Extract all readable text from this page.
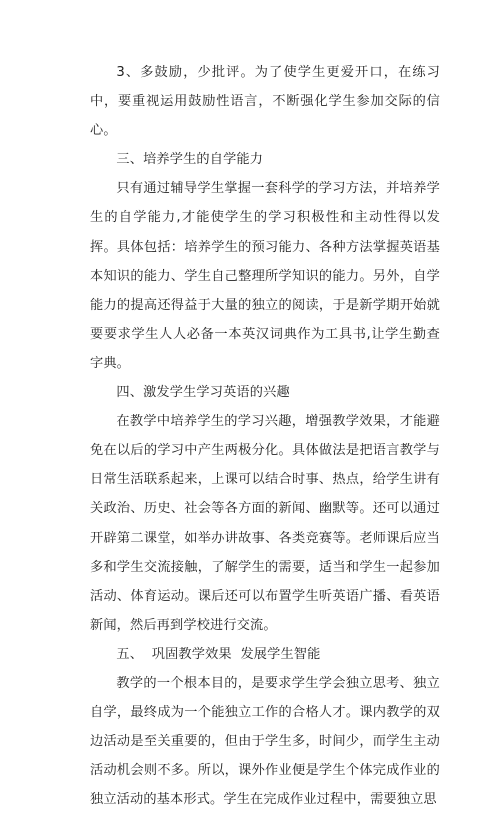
3、多鼓励，少批评。为了使学生更爱开口，在练习中，要重视运用鼓励性语言，不断强化学生参加交际的信心。

三、培养学生的自学能力

只有通过辅导学生掌握一套科学的学习方法，并培养学生的自学能力,才能使学生的学习积极性和主动性得以发挥。具体包括：培养学生的预习能力、各种方法掌握英语基本知识的能力、学生自己整理所学知识的能力。另外，自学能力的提高还得益于大量的独立的阅读，于是新学期开始就要要求学生人人必备一本英汉词典作为工具书,让学生勤查字典。

四、激发学生学习英语的兴趣

在教学中培养学生的学习兴趣，增强教学效果，才能避免在以后的学习中产生两极分化。具体做法是把语言教学与日常生活联系起来，上课可以结合时事、热点，给学生讲有关政治、历史、社会等各方面的新闻、幽默等。还可以通过开辟第二课堂，如举办讲故事、各类竞赛等。老师课后应当多和学生交流接触，了解学生的需要，适当和学生一起参加活动、体育运动。课后还可以布置学生听英语广播、看英语新闻，然后再到学校进行交流。

五、  巩固教学效果  发展学生智能

教学的一个根本目的，是要求学生学会独立思考、独立自学，最终成为一个能独立工作的合格人才。课内教学的双边活动是至关重要的，但由于学生多，时间少，而学生主动活动机会则不多。所以，课外作业便是学生个体完成作业的独立活动的基本形式。学生在完成作业过程中，需要独立思
